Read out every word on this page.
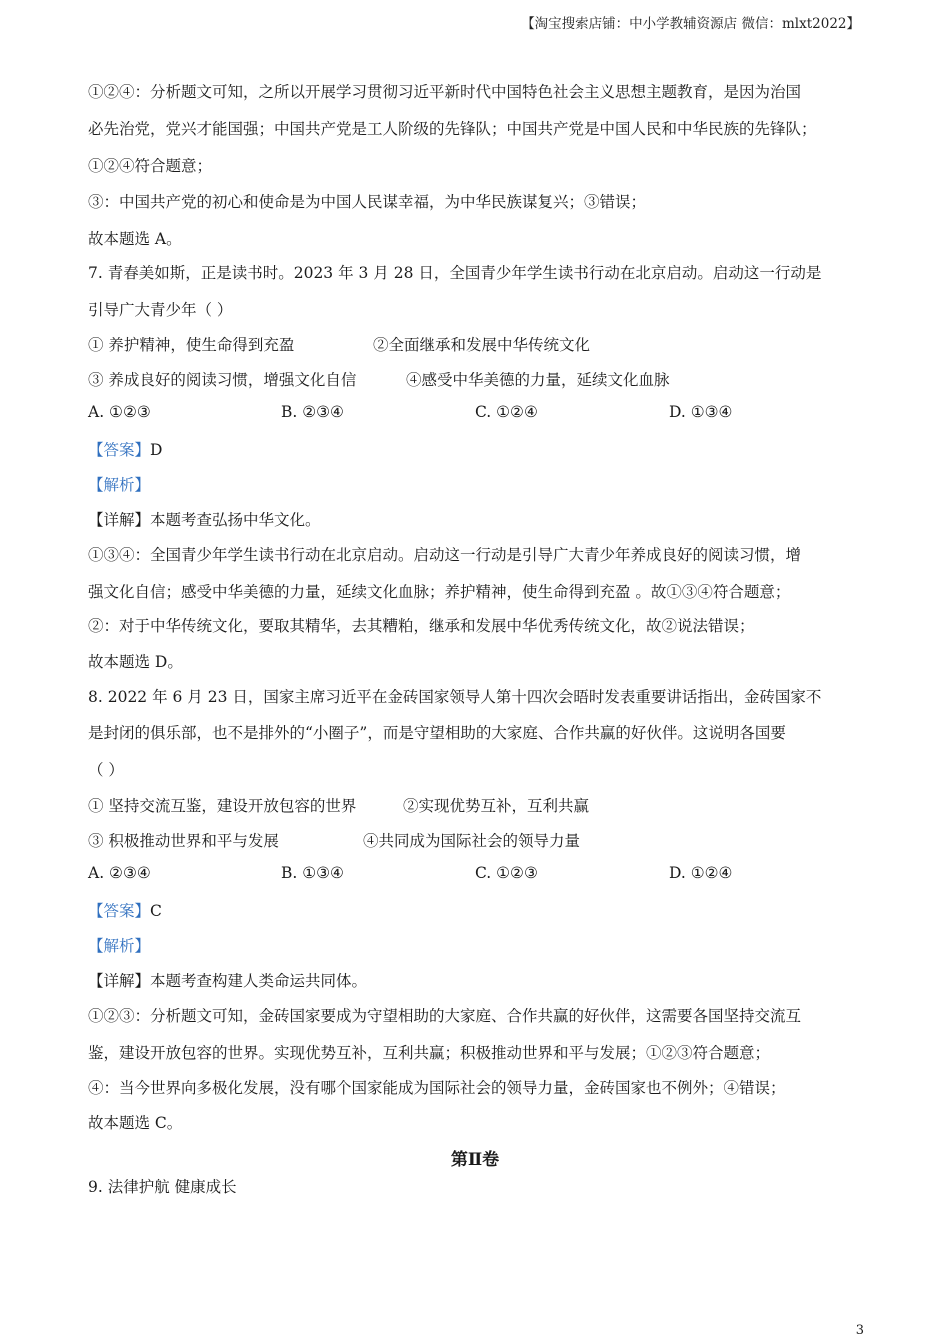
【淘宝搜索店铺：中小学教辅资源店 微信：mlxt2022】
①②④：分析题文可知，之所以开展学习贯彻习近平新时代中国特色社会主义思想主题教育，是因为治国
必先治党，党兴才能国强；中国共产党是工人阶级的先锋队；中国共产党是中国人民和中华民族的先锋队；
①②④符合题意；
③：中国共产党的初心和使命是为中国人民谋幸福，为中华民族谋复兴；③错误；
故本题选 A。
7. 青春美如斯，正是读书时。2023 年 3 月 28 日，全国青少年学生读书行动在北京启动。启动这一行动是
引导广大青少年（ ）
① 养护精神，使生命得到充盈	②全面继承和发展中华传统文化
③ 养成良好的阅读习惯，增强文化自信	④感受中华美德的力量，延续文化血脉
A. ①②③	B. ②③④	C. ①②④	D. ①③④
【答案】D
【解析】
【详解】本题考查弘扬中华文化。
①③④：全国青少年学生读书行动在北京启动。启动这一行动是引导广大青少年养成良好的阅读习惯，增
强文化自信；感受中华美德的力量，延续文化血脉；养护精神，使生命得到充盈 。故①③④符合题意；
②：对于中华传统文化，要取其精华，去其糟粕，继承和发展中华优秀传统文化，故②说法错误；
故本题选 D。
8. 2022 年 6 月 23 日，国家主席习近平在金砖国家领导人第十四次会晤时发表重要讲话指出，金砖国家不
是封闭的俱乐部，也不是排外的“小圈子”，而是守望相助的大家庭、合作共赢的好伙伴。这说明各国要
（ ）
① 坚持交流互鉴，建设开放包容的世界	②实现优势互补，互利共赢
③ 积极推动世界和平与发展	④共同成为国际社会的领导力量
A. ②③④	B. ①③④	C. ①②③	D. ①②④
【答案】C
【解析】
【详解】本题考查构建人类命运共同体。
①②③：分析题文可知，金砖国家要成为守望相助的大家庭、合作共赢的好伙伴，这需要各国坚持交流互
鉴，建设开放包容的世界。实现优势互补，互利共赢；积极推动世界和平与发展；①②③符合题意；
④：当今世界向多极化发展，没有哪个国家能成为国际社会的领导力量，金砖国家也不例外；④错误；
故本题选 C。
第Ⅱ卷
9. 法律护航 健康成长
3
